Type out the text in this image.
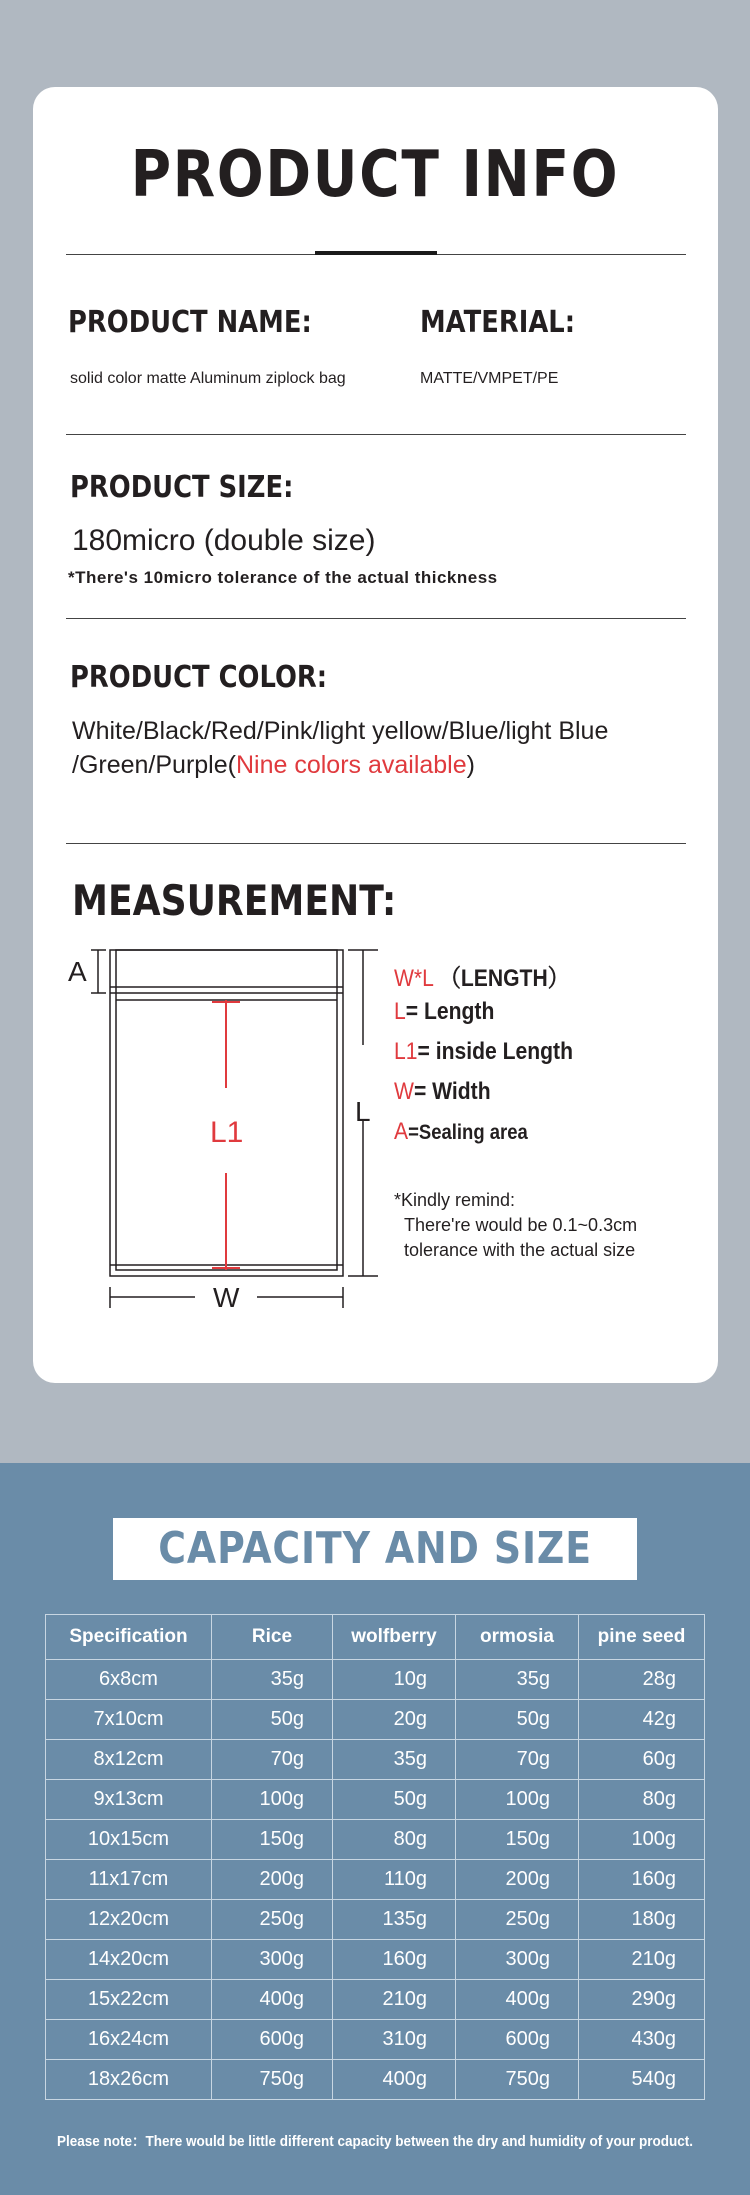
PRODUCT INFO
PRODUCT NAME:
solid color matte Aluminum ziplock bag
MATERIAL:
MATTE/VMPET/PE
PRODUCT SIZE:
180micro (double size)
*There's 10micro tolerance of the actual thickness
PRODUCT COLOR:
White/Black/Red/Pink/light yellow/Blue/light Blue
/Green/Purple(Nine colors available)
MEASUREMENT:
A
L1
L
W
W*L （LENGTH）
L= Length
L1= inside Length
W= Width
A=Sealing area
*Kindly remind:
There're would be 0.1~0.3cm
tolerance with the actual size
CAPACITY AND SIZE
Specification	Rice	wolfberry	ormosia	pine seed
6x8cm	35g	10g	35g	28g
7x10cm	50g	20g	50g	42g
8x12cm	70g	35g	70g	60g
9x13cm	100g	50g	100g	80g
10x15cm	150g	80g	150g	100g
11x17cm	200g	110g	200g	160g
12x20cm	250g	135g	250g	180g
14x20cm	300g	160g	300g	210g
15x22cm	400g	210g	400g	290g
16x24cm	600g	310g	600g	430g
18x26cm	750g	400g	750g	540g
Please note：There would be little different capacity between the dry and humidity of your product.
